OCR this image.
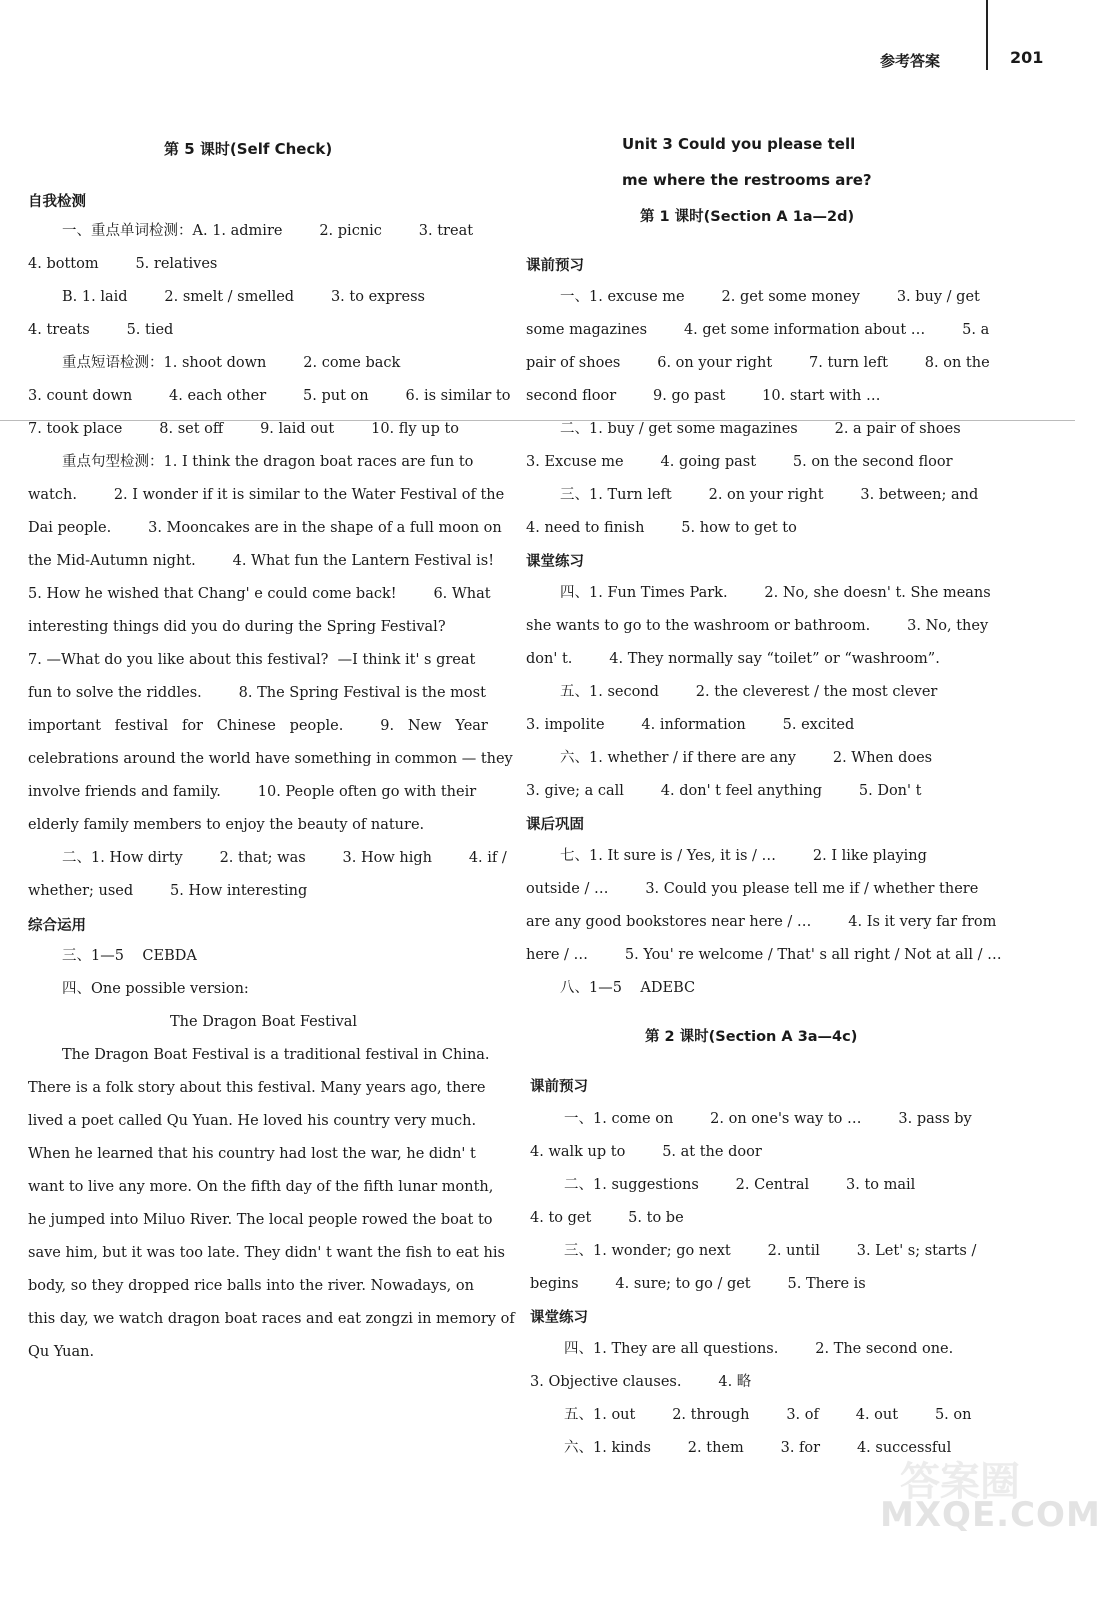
参考答案	201
第 5 课时(Self Check)
自我检测
一、重点单词检测：A. 1. admire        2. picnic        3. treat
4. bottom        5. relatives
B. 1. laid        2. smelt / smelled        3. to express
4. treats        5. tied
重点短语检测：1. shoot down        2. come back
3. count down        4. each other        5. put on        6. is similar to
7. took place        8. set off        9. laid out        10. fly up to
重点句型检测：1. I think the dragon boat races are fun to
watch.        2. I wonder if it is similar to the Water Festival of the
Dai people.        3. Mooncakes are in the shape of a full moon on
the Mid-Autumn night.        4. What fun the Lantern Festival is!
5. How he wished that Chang' e could come back!        6. What
interesting things did you do during the Spring Festival?
7. —What do you like about this festival?  —I think it' s great
fun to solve the riddles.        8. The Spring Festival is the most
important   festival   for   Chinese   people.        9.   New   Year
celebrations around the world have something in common — they
involve friends and family.        10. People often go with their
elderly family members to enjoy the beauty of nature.
二、1. How dirty        2. that; was        3. How high        4. if /
whether; used        5. How interesting
综合运用
三、1—5    CEBDA
四、One possible version:
The Dragon Boat Festival
The Dragon Boat Festival is a traditional festival in China.
There is a folk story about this festival. Many years ago, there
lived a poet called Qu Yuan. He loved his country very much.
When he learned that his country had lost the war, he didn' t
want to live any more. On the fifth day of the fifth lunar month,
he jumped into Miluo River. The local people rowed the boat to
save him, but it was too late. They didn' t want the fish to eat his
body, so they dropped rice balls into the river. Nowadays, on
this day, we watch dragon boat races and eat zongzi in memory of
Qu Yuan.
Unit 3 Could you please tell
me where the restrooms are?
第 1 课时(Section A 1a—2d)
课前预习
一、1. excuse me        2. get some money        3. buy / get
some magazines        4. get some information about …        5. a
pair of shoes        6. on your right        7. turn left        8. on the
second floor        9. go past        10. start with …
二、1. buy / get some magazines        2. a pair of shoes
3. Excuse me        4. going past        5. on the second floor
三、1. Turn left        2. on your right        3. between; and
4. need to finish        5. how to get to
课堂练习
四、1. Fun Times Park.        2. No, she doesn' t. She means
she wants to go to the washroom or bathroom.        3. No, they
don' t.        4. They normally say “toilet” or “washroom”.
五、1. second        2. the cleverest / the most clever
3. impolite        4. information        5. excited
六、1. whether / if there are any        2. When does
3. give; a call        4. don' t feel anything        5. Don' t
课后巩固
七、1. It sure is / Yes, it is / …        2. I like playing
outside / …        3. Could you please tell me if / whether there
are any good bookstores near here / …        4. Is it very far from
here / …        5. You' re welcome / That' s all right / Not at all / …
八、1—5    ADEBC
第 2 课时(Section A 3a—4c)
课前预习
一、1. come on        2. on one's way to …        3. pass by
4. walk up to        5. at the door
二、1. suggestions        2. Central        3. to mail
4. to get        5. to be
三、1. wonder; go next        2. until        3. Let' s; starts /
begins        4. sure; to go / get        5. There is
课堂练习
四、1. They are all questions.        2. The second one.
3. Objective clauses.        4. 略
五、1. out        2. through        3. of        4. out        5. on
六、1. kinds        2. them        3. for        4. successful
答案圈
MXQE.COM
